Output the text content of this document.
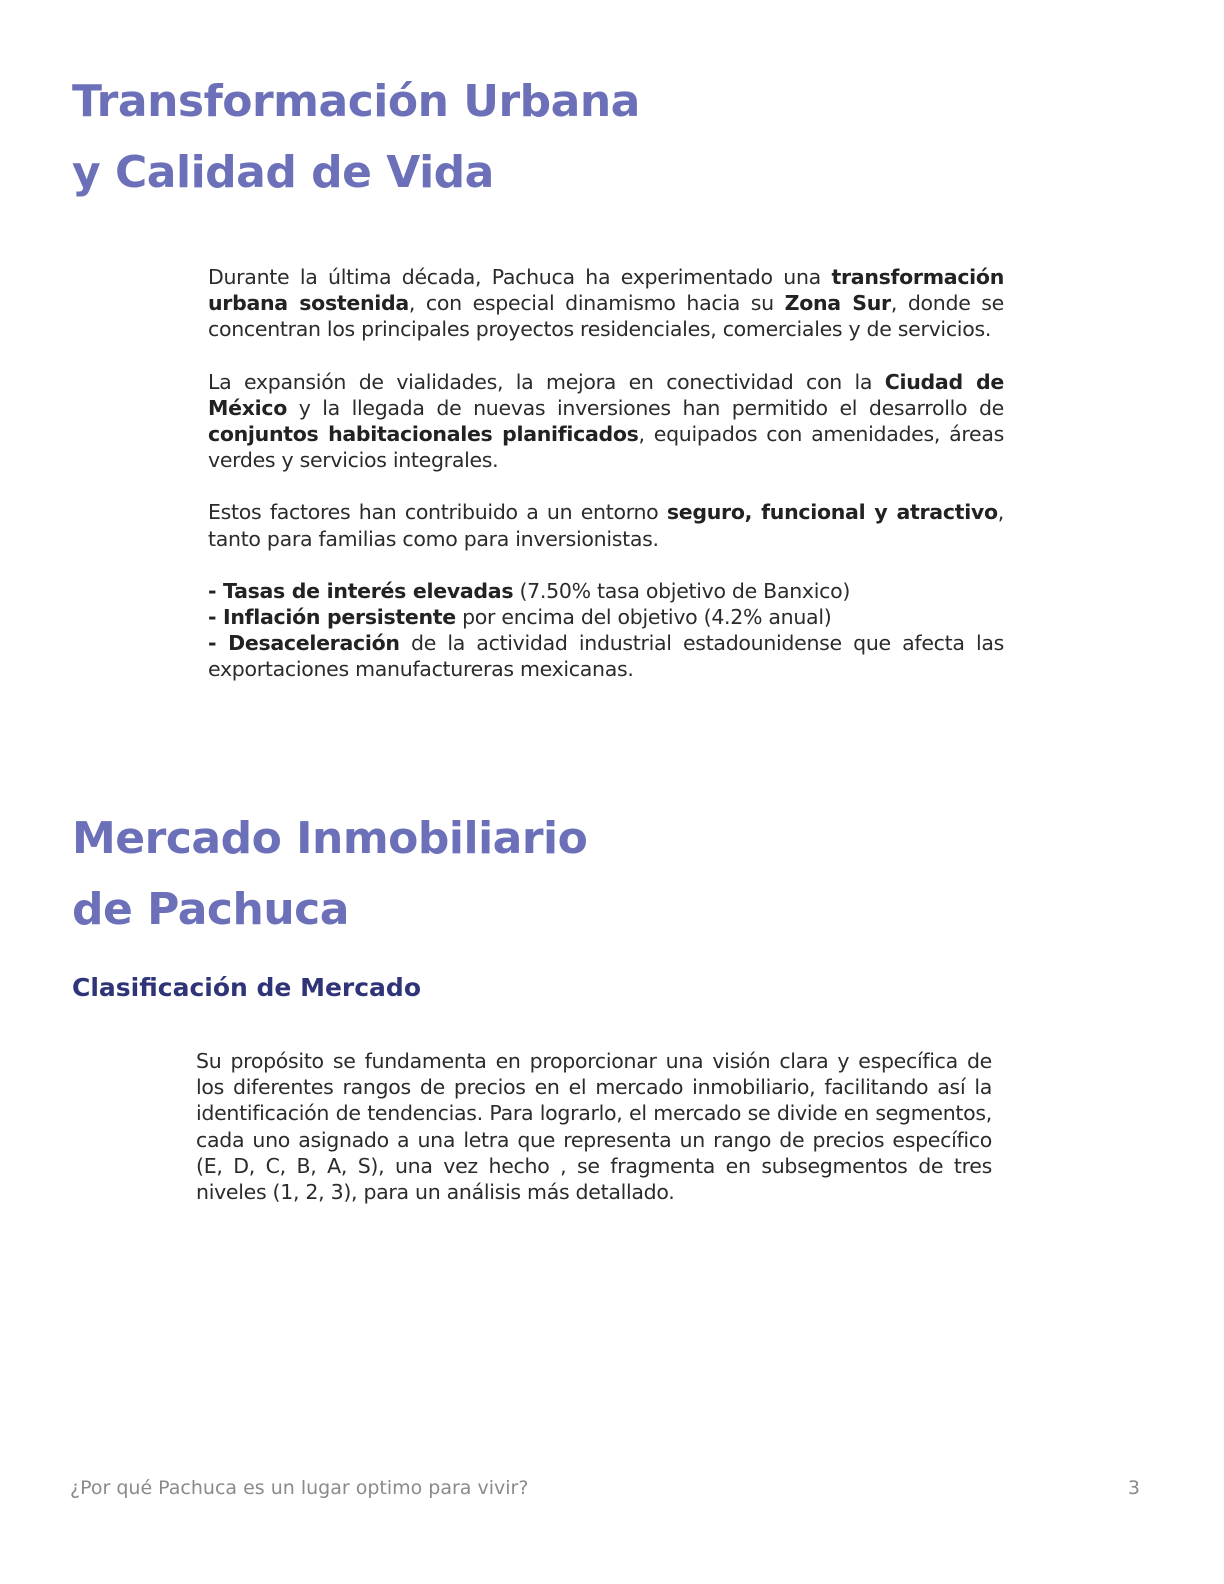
Transformación Urbana
y Calidad de Vida

Durante la última década, Pachuca ha experimentado una transformación urbana sostenida, con especial dinamismo hacia su Zona Sur, donde se concentran los principales proyectos residenciales, comerciales y de servicios.

La expansión de vialidades, la mejora en conectividad con la Ciudad de México y la llegada de nuevas inversiones han permitido el desarrollo de conjuntos habitacionales planificados, equipados con amenidades, áreas verdes y servicios integrales.

Estos factores han contribuido a un entorno seguro, funcional y atractivo, tanto para familias como para inversionistas.

- Tasas de interés elevadas (7.50% tasa objetivo de Banxico)
- Inflación persistente por encima del objetivo (4.2% anual)
- Desaceleración de la actividad industrial estadounidense que afecta las exportaciones manufactureras mexicanas.

Mercado Inmobiliario
de Pachuca
Clasificación de Mercado

Su propósito se fundamenta en proporcionar una visión clara y específica de los diferentes rangos de precios en el mercado inmobiliario, facilitando así la identificación de tendencias. Para lograrlo, el mercado se divide en segmentos, cada uno asignado a una letra que representa un rango de precios específico (E, D, C, B, A, S), una vez hecho , se fragmenta en subsegmentos de tres niveles (1, 2, 3), para un análisis más detallado.

¿Por qué Pachuca es un lugar optimo para vivir?	3
